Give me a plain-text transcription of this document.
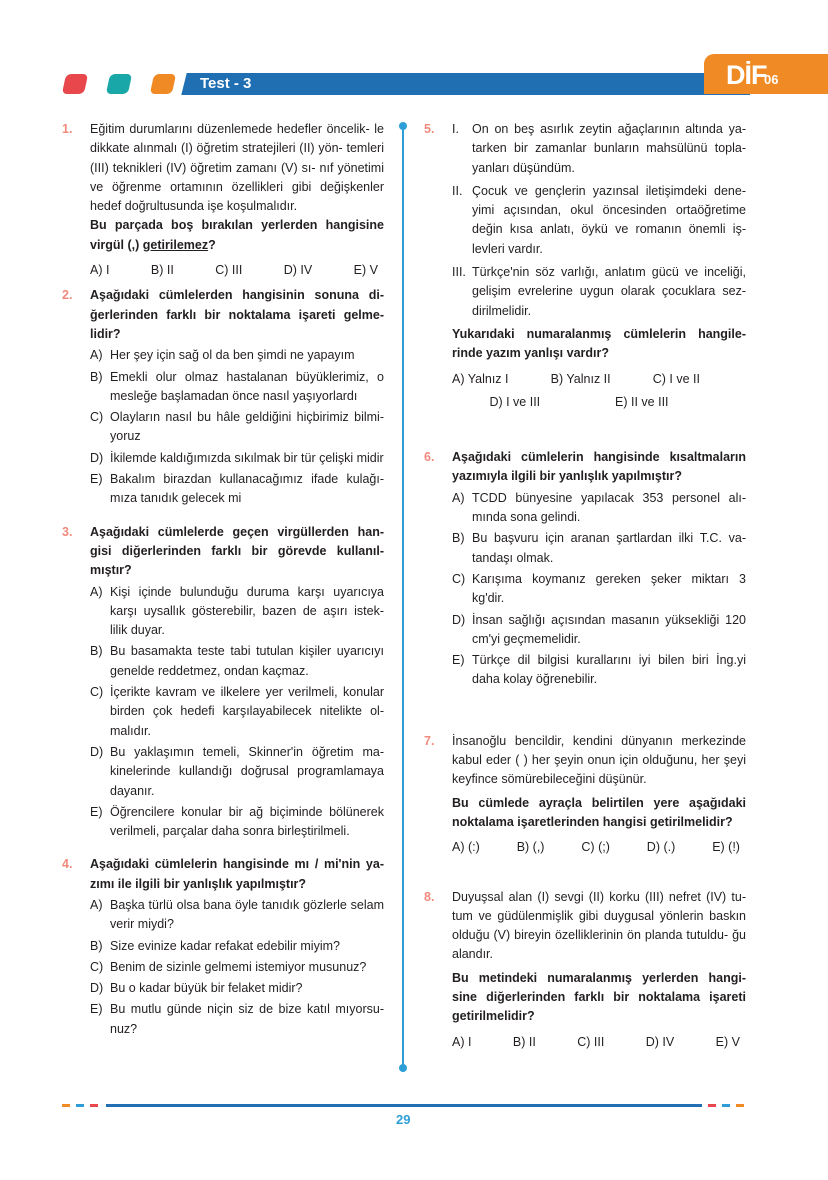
Test - 3	DİF
06
1. Eğitim durumlarını düzenlemede hedefler öncelik- le dikkate alınmalı (I) öğretim stratejileri (II) yön- temleri (III) teknikleri (IV) öğretim zamanı (V) sı- nıf yönetimi ve öğrenme ortamının özellikleri gibi değişkenler hedef doğrultusunda işe koşulmalıdır.
Bu parçada boş bırakılan yerlerden hangisine virgül (,) getirilemez?
A) I	B) II	C) III	D) IV	E) V
2. Aşağıdaki cümlelerden hangisinin sonuna di- ğerlerinden farklı bir noktalama işareti gelme- lidir?
A) Her şey için sağ ol da ben şimdi ne yapayım
B) Emekli olur olmaz hastalanan büyüklerimiz, o mesleğe başlamadan önce nasıl yaşıyorlardı
C) Olayların nasıl bu hâle geldiğini hiçbirimiz bilmi- yoruz
D) İkilemde kaldığımızda sıkılmak bir tür çelişki midir
E) Bakalım birazdan kullanacağımız ifade kulağı- mıza tanıdık gelecek mi
3. Aşağıdaki cümlelerde geçen virgüllerden han- gisi diğerlerinden farklı bir görevde kullanıl- mıştır?
A) Kişi içinde bulunduğu duruma karşı uyarıcıya karşı uysallık gösterebilir, bazen de aşırı istek- lilik duyar.
B) Bu basamakta teste tabi tutulan kişiler uyarıcıyı genelde reddetmez, ondan kaçmaz.
C) İçerikte kavram ve ilkelere yer verilmeli, konular birden çok hedefi karşılayabilecek nitelikte ol- malıdır.
D) Bu yaklaşımın temeli, Skinner'in öğretim ma- kinelerinde kullandığı doğrusal programlamaya dayanır.
E) Öğrencilere konular bir ağ biçiminde bölünerek verilmeli, parçalar daha sonra birleştirilmeli.
4. Aşağıdaki cümlelerin hangisinde mı / mi'nin ya- zımı ile ilgili bir yanlışlık yapılmıştır?
A) Başka türlü olsa bana öyle tanıdık gözlerle selam verir miydi?
B) Size evinize kadar refakat edebilir miyim?
C) Benim de sizinle gelmemi istemiyor musunuz?
D) Bu o kadar büyük bir felaket midir?
E) Bu mutlu günde niçin siz de bize katıl mıyorsu- nuz?
5. I. On on beş asırlık zeytin ağaçlarının altında ya- tarken bir zamanlar bunların mahsülünü topla- yanları düşündüm.
II. Çocuk ve gençlerin yazınsal iletişimdeki dene- yimi açısından, okul öncesinden ortaöğretime değin kısa anlatı, öykü ve romanın önemli iş- levleri vardır.
III. Türkçe'nin söz varlığı, anlatım gücü ve inceliği, gelişim evrelerine uygun olarak çocuklara sez- dirilmelidir.
Yukarıdaki numaralanmış cümlelerin hangile- rinde yazım yanlışı vardır?
A) Yalnız I	B) Yalnız II	C) I ve II
D) I ve III	E) II ve III
6. Aşağıdaki cümlelerin hangisinde kısaltmaların yazımıyla ilgili bir yanlışlık yapılmıştır?
A) TCDD bünyesine yapılacak 353 personel alı- mında sona gelindi.
B) Bu başvuru için aranan şartlardan ilki T.C. va- tandaşı olmak.
C) Karışıma koymanız gereken şeker miktarı 3 kg'dir.
D) İnsan sağlığı açısından masanın yüksekliği 120 cm'yi geçmemelidir.
E) Türkçe dil bilgisi kurallarını iyi bilen biri İng.yi daha kolay öğrenebilir.
7. İnsanoğlu bencildir, kendini dünyanın merkezinde kabul eder ( ) her şeyin onun için olduğunu, her şeyi keyfince sömürebileceğini düşünür.
Bu cümlede ayraçla belirtilen yere aşağıdaki noktalama işaretlerinden hangisi getirilmelidir?
A) (:)	B) (,)	C) (;)	D) (.)	E) (!)
8. Duyuşsal alan (I) sevgi (II) korku (III) nefret (IV) tu- tum ve güdülenmişlik gibi duygusal yönlerin baskın olduğu (V) bireyin özelliklerinin ön planda tutuldu- ğu alandır.
Bu metindeki numaralanmış yerlerden hangi- sine diğerlerinden farklı bir noktalama işareti getirilmelidir?
A) I	B) II	C) III	D) IV	E) V
29
